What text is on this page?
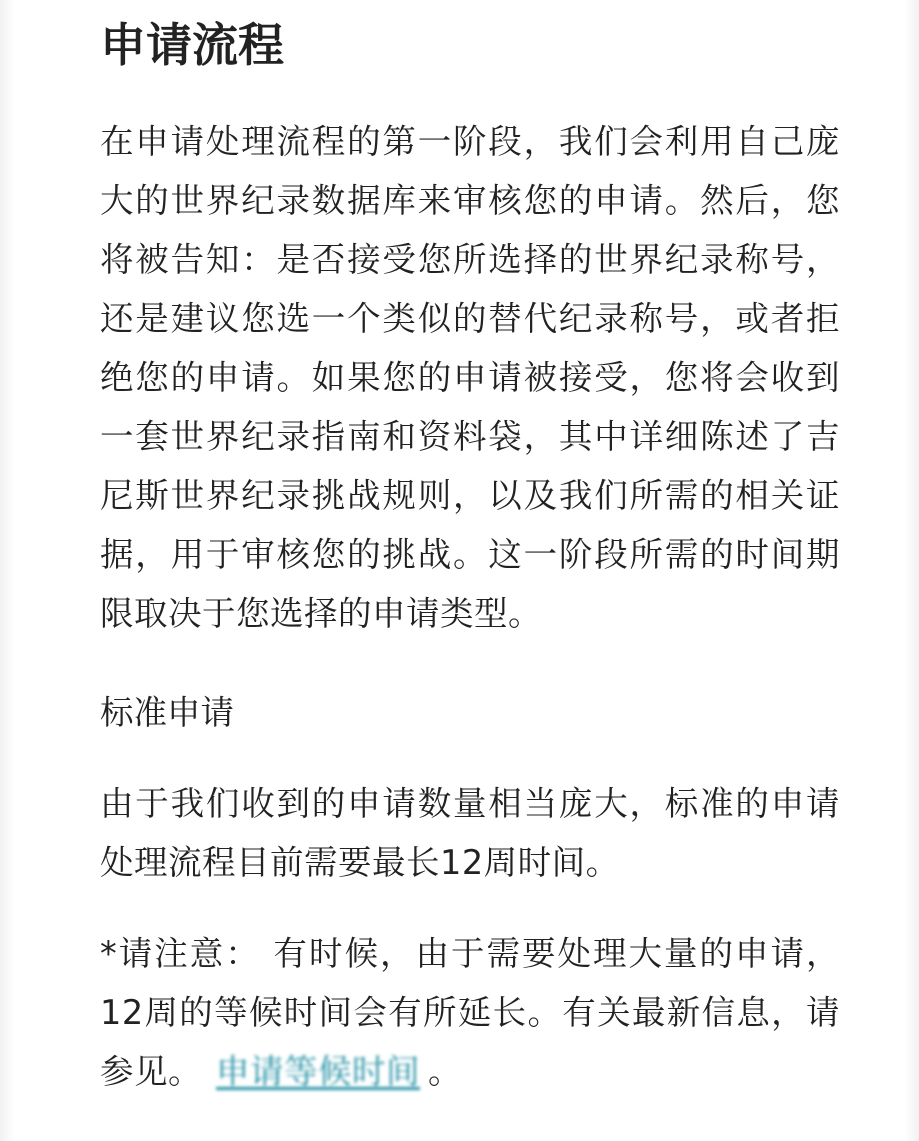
申请流程

在申请处理流程的第一阶段，我们会利用自己庞大的世界纪录数据库来审核您的申请。然后，您将被告知：是否接受您所选择的世界纪录称号，还是建议您选一个类似的替代纪录称号，或者拒绝您的申请。如果您的申请被接受，您将会收到一套世界纪录指南和资料袋，其中详细陈述了吉尼斯世界纪录挑战规则，以及我们所需的相关证据，用于审核您的挑战。这一阶段所需的时间期限取决于您选择的申请类型。

标准申请

由于我们收到的申请数量相当庞大，标准的申请处理流程目前需要最长12周时间。

*请注意： 有时候，由于需要处理大量的申请，12周的等候时间会有所延长。有关最新信息，请参见。 申请等候时间 。
